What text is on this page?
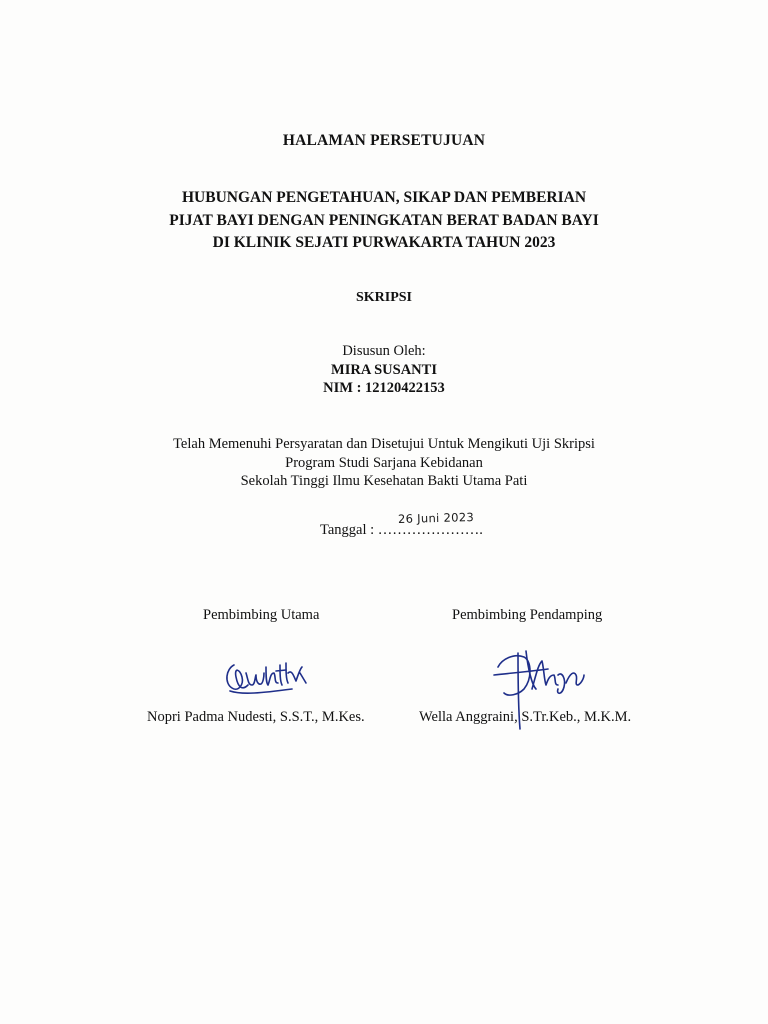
HALAMAN PERSETUJUAN
HUBUNGAN PENGETAHUAN, SIKAP DAN PEMBERIAN
PIJAT BAYI DENGAN PENINGKATAN BERAT BADAN BAYI
DI KLINIK SEJATI PURWAKARTA TAHUN 2023
SKRIPSI
Disusun Oleh:
MIRA SUSANTI
NIM : 12120422153
Telah Memenuhi Persyaratan dan Disetujui Untuk Mengikuti Uji Skripsi
Program Studi Sarjana Kebidanan
Sekolah Tinggi Ilmu Kesehatan Bakti Utama Pati
Tanggal : ………………….
26 Juni 2023
Pembimbing Utama
Nopri Padma Nudesti, S.S.T., M.Kes.
Pembimbing Pendamping
Wella Anggraini, S.Tr.Keb., M.K.M.
